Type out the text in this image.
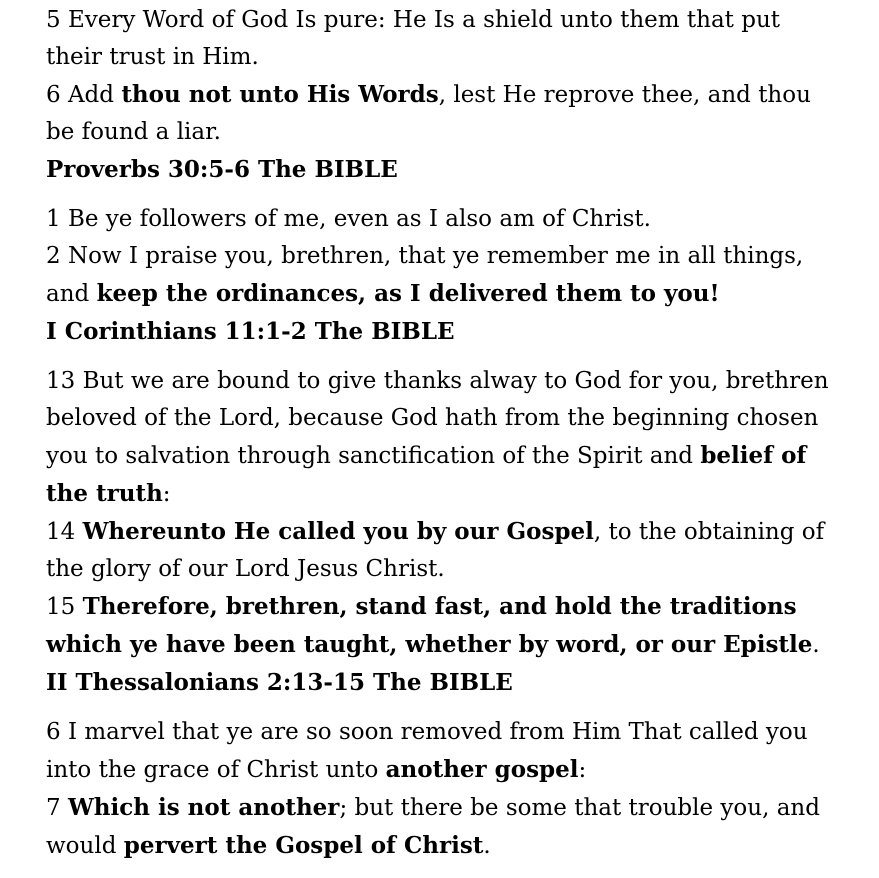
5 Every Word of God Is pure: He Is a shield unto them that put
their trust in Him.
6 Add thou not unto His Words, lest He reprove thee, and thou
be found a liar.
Proverbs 30:5-6 The BIBLE
1 Be ye followers of me, even as I also am of Christ.
2 Now I praise you, brethren, that ye remember me in all things,
and keep the ordinances, as I delivered them to you!
I Corinthians 11:1-2 The BIBLE
13 But we are bound to give thanks alway to God for you, brethren
beloved of the Lord, because God hath from the beginning chosen
you to salvation through sanctification of the Spirit and belief of
the truth:
14 Whereunto He called you by our Gospel, to the obtaining of
the glory of our Lord Jesus Christ.
15 Therefore, brethren, stand fast, and hold the traditions
which ye have been taught, whether by word, or our Epistle.
II Thessalonians 2:13-15 The BIBLE
6 I marvel that ye are so soon removed from Him That called you
into the grace of Christ unto another gospel:
7 Which is not another; but there be some that trouble you, and
would pervert the Gospel of Christ.
